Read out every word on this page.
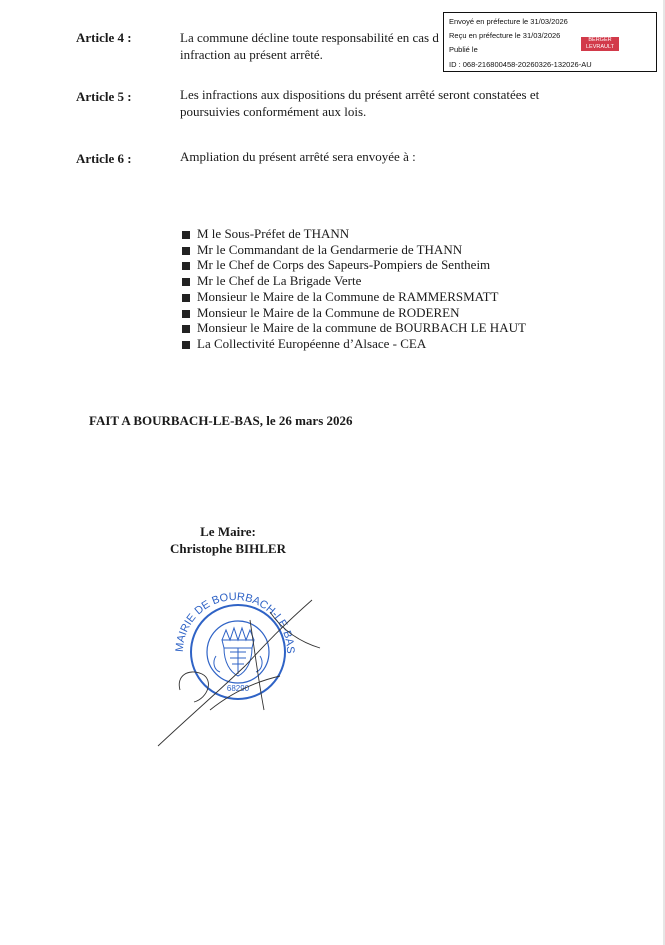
Envoyé en préfecture le 31/03/2026
Reçu en préfecture le 31/03/2026
Publié le
ID : 068-216800458-20260326-132026-AU
BERGER LEVRAULT
Article 4 :	La commune décline toute responsabilité en cas d
infraction au présent arrêté.
Article 5 :	Les infractions aux dispositions du présent arrêté seront constatées et
poursuivies conformément aux lois.
Article 6 :	Ampliation du présent arrêté sera envoyée à :
M le Sous-Préfet de THANN
Mr le Commandant de la Gendarmerie de THANN
Mr le Chef de Corps des Sapeurs-Pompiers de Sentheim
Mr le Chef de La Brigade Verte
Monsieur le Maire de la Commune de RAMMERSMATT
Monsieur le Maire de la Commune de RODEREN
Monsieur le Maire de la commune de BOURBACH LE HAUT
La Collectivité Européenne d’Alsace - CEA
FAIT A BOURBACH-LE-BAS, le 26 mars 2026
Le Maire:
Christophe BIHLER
MAIRIE DE BOURBACH-LE-BAS
68290
